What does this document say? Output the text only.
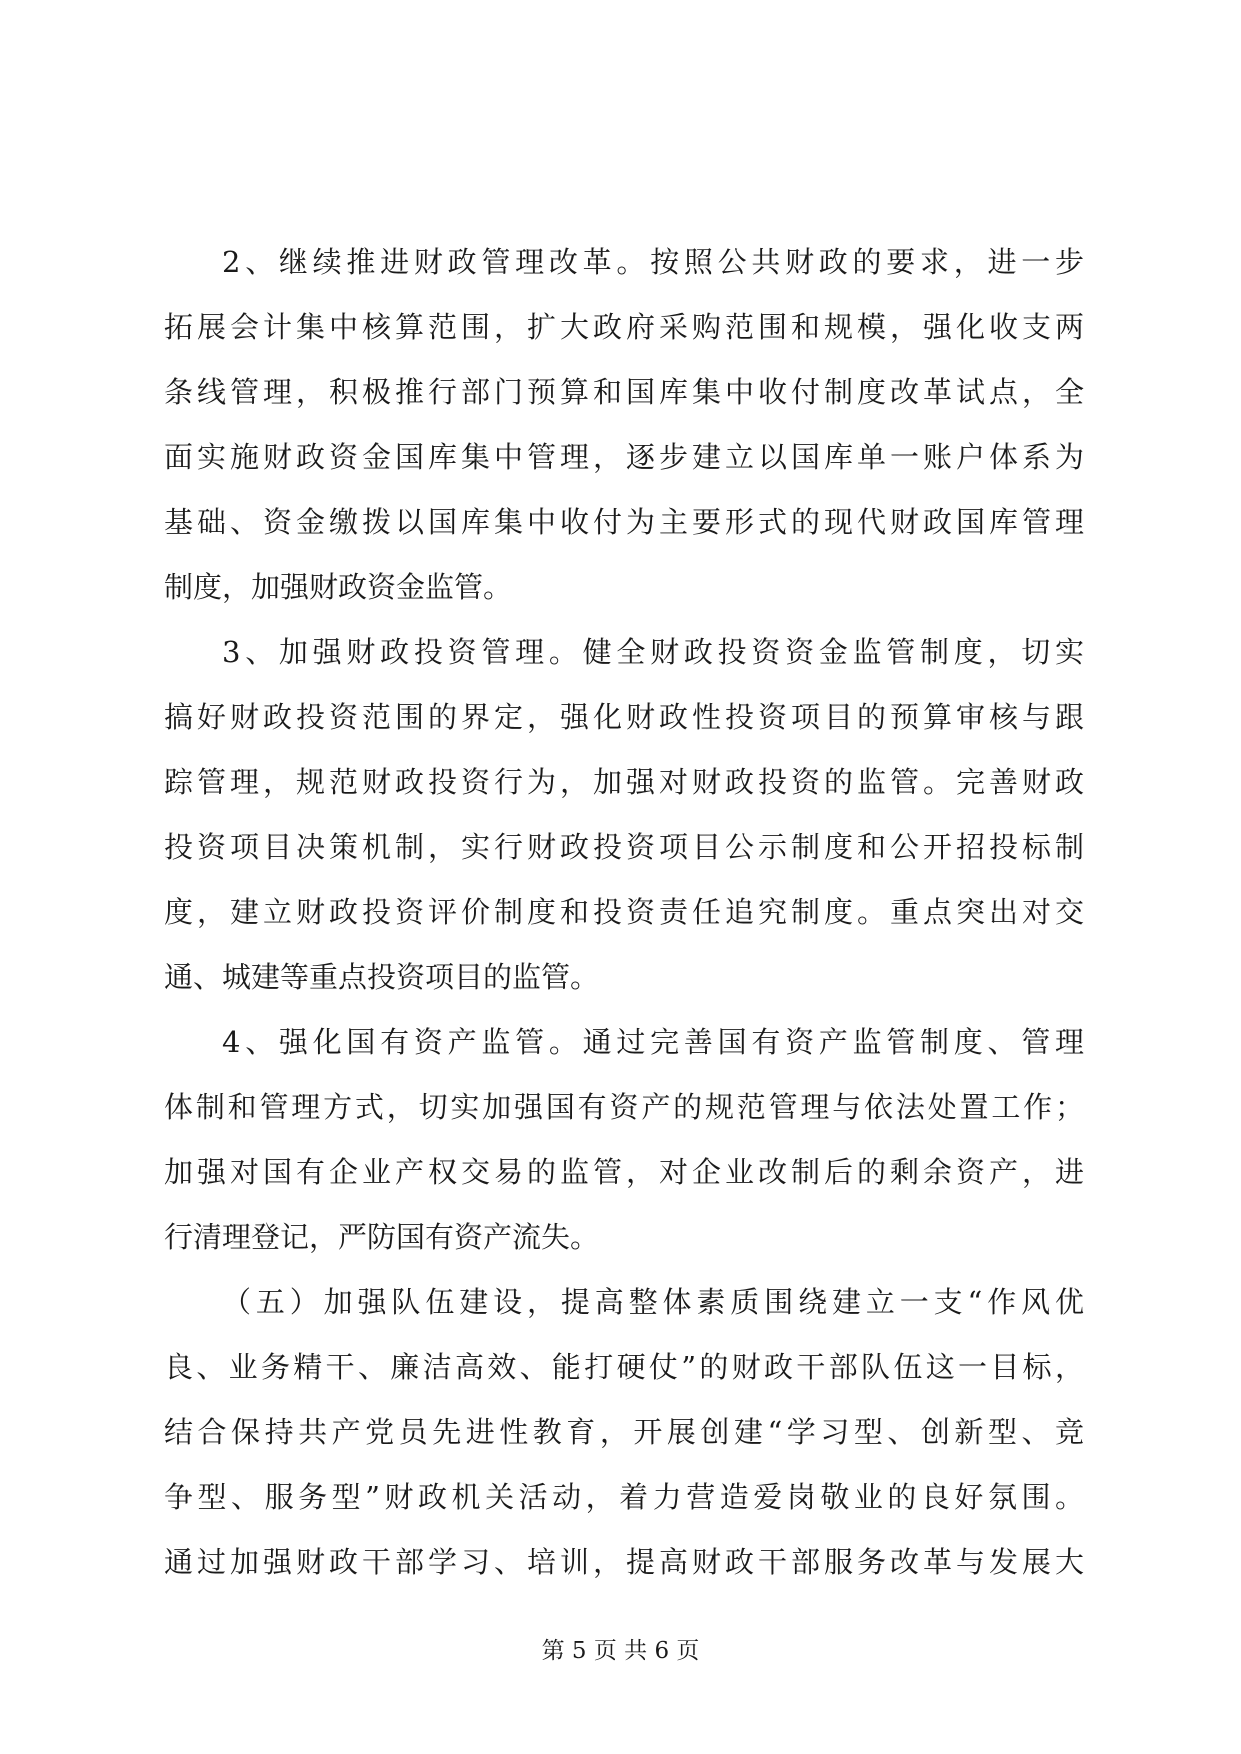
2、继续推进财政管理改革。按照公共财政的要求，进一步
拓展会计集中核算范围，扩大政府采购范围和规模，强化收支两
条线管理，积极推行部门预算和国库集中收付制度改革试点，全
面实施财政资金国库集中管理，逐步建立以国库单一账户体系为
基础、资金缴拨以国库集中收付为主要形式的现代财政国库管理
制度，加强财政资金监管。
3、加强财政投资管理。健全财政投资资金监管制度，切实
搞好财政投资范围的界定，强化财政性投资项目的预算审核与跟
踪管理，规范财政投资行为，加强对财政投资的监管。完善财政
投资项目决策机制，实行财政投资项目公示制度和公开招投标制
度，建立财政投资评价制度和投资责任追究制度。重点突出对交
通、城建等重点投资项目的监管。
4、强化国有资产监管。通过完善国有资产监管制度、管理
体制和管理方式，切实加强国有资产的规范管理与依法处置工作；
加强对国有企业产权交易的监管，对企业改制后的剩余资产，进
行清理登记，严防国有资产流失。
（五）加强队伍建设，提高整体素质围绕建立一支“作风优
良、业务精干、廉洁高效、能打硬仗”的财政干部队伍这一目标，
结合保持共产党员先进性教育，开展创建“学习型、创新型、竞
争型、服务型”财政机关活动，着力营造爱岗敬业的良好氛围。
通过加强财政干部学习、培训，提高财政干部服务改革与发展大
第 5 页 共 6 页
